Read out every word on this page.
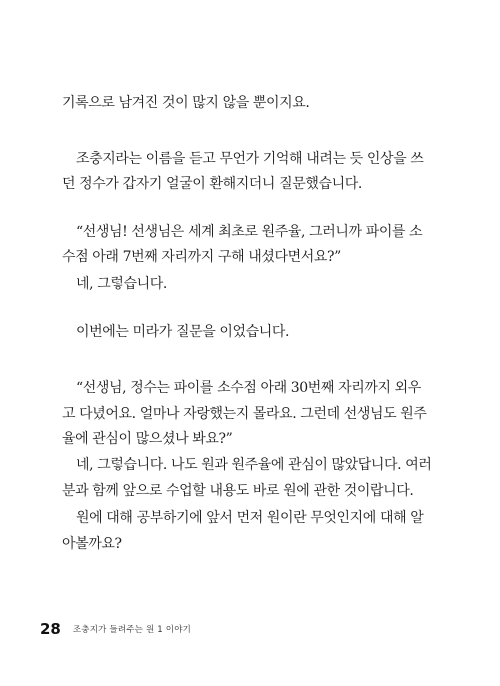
기록으로 남겨진 것이 많지 않을 뿐이지요.
조충지라는 이름을 듣고 무언가 기억해 내려는 듯 인상을 쓰
던 정수가 갑자기 얼굴이 환해지더니 질문했습니다.
“선생님! 선생님은 세계 최초로 원주율, 그러니까 파이를 소
수점 아래 7번째 자리까지 구해 내셨다면서요?”
네, 그렇습니다.
이번에는 미라가 질문을 이었습니다.
“선생님, 정수는 파이를 소수점 아래 30번째 자리까지 외우
고 다녔어요. 얼마나 자랑했는지 몰라요. 그런데 선생님도 원주
율에 관심이 많으셨나 봐요?”
네, 그렇습니다. 나도 원과 원주율에 관심이 많았답니다. 여러
분과 함께 앞으로 수업할 내용도 바로 원에 관한 것이랍니다.
원에 대해 공부하기에 앞서 먼저 원이란 무엇인지에 대해 알
아볼까요?
28 조충지가 들려주는 원 1 이야기
